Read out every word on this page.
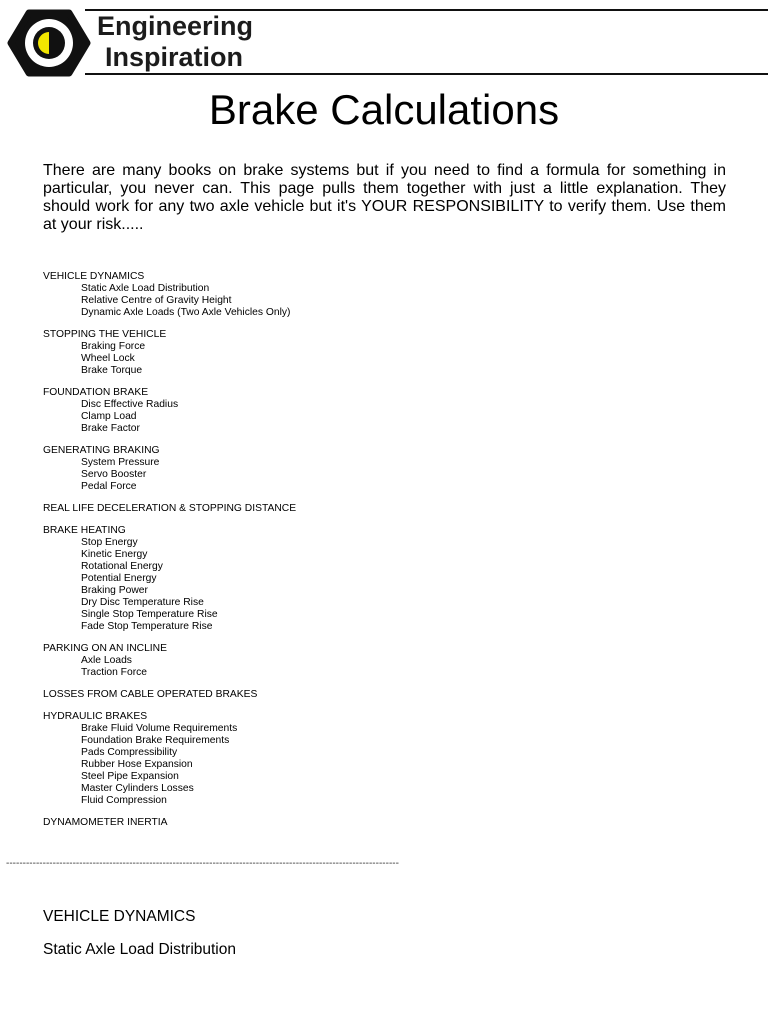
Engineering
Inspiration
Brake Calculations
There are many books on brake systems but if you need to find a formula for something in
particular, you never can. This page pulls them together with just a little explanation. They
should work for any two axle vehicle but it's YOUR RESPONSIBILITY to verify them. Use them
at your risk.....
VEHICLE DYNAMICS
Static Axle Load Distribution
Relative Centre of Gravity Height
Dynamic Axle Loads (Two Axle Vehicles Only)
STOPPING THE VEHICLE
Braking Force
Wheel Lock
Brake Torque
FOUNDATION BRAKE
Disc Effective Radius
Clamp Load
Brake Factor
GENERATING BRAKING
System Pressure
Servo Booster
Pedal Force
REAL LIFE DECELERATION & STOPPING DISTANCE
BRAKE HEATING
Stop Energy
Kinetic Energy
Rotational Energy
Potential Energy
Braking Power
Dry Disc Temperature Rise
Single Stop Temperature Rise
Fade Stop Temperature Rise
PARKING ON AN INCLINE
Axle Loads
Traction Force
LOSSES FROM CABLE OPERATED BRAKES
HYDRAULIC BRAKES
Brake Fluid Volume Requirements
Foundation Brake Requirements
Pads Compressibility
Rubber Hose Expansion
Steel Pipe Expansion
Master Cylinders Losses
Fluid Compression
DYNAMOMETER INERTIA
----------------------------------------------------------------------------------------------------------------------
VEHICLE DYNAMICS
Static Axle Load Distribution
